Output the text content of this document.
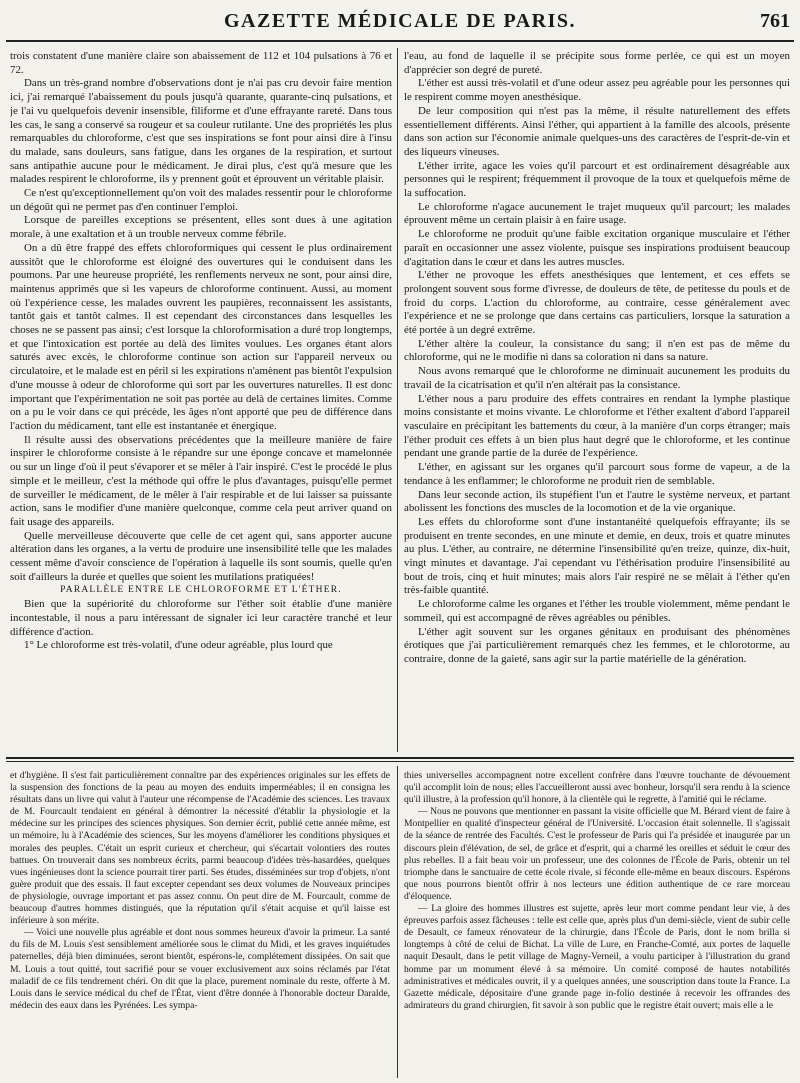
GAZETTE MÉDICALE DE PARIS.	761

trois constatent d'une manière claire son abaissement de 112 et 104 pulsations à 76 et 72.

Dans un très-grand nombre d'observations dont je n'ai pas cru devoir faire mention ici, j'ai remarqué l'abaissement du pouls jusqu'à quarante, quarante-cinq pulsations, et je l'ai vu quelquefois devenir insensible, filiforme et d'une effrayante rareté. Dans tous les cas, le sang a conservé sa rougeur et sa couleur rutilante. Une des propriétés les plus remarquables du chloroforme, c'est que ses inspirations se font pour ainsi dire à l'insu du malade, sans douleurs, sans fatigue, dans les organes de la respiration, et surtout sans antipathie aucune pour le médicament. Je dirai plus, c'est qu'à mesure que les malades respirent le chloroforme, ils y prennent goût et éprouvent un véritable plaisir.

Ce n'est qu'exceptionnellement qu'on voit des malades ressentir pour le chloroforme un dégoût qui ne permet pas d'en continuer l'emploi.

Lorsque de pareilles exceptions se présentent, elles sont dues à une agitation morale, à une exaltation et à un trouble nerveux comme fébrile.

On a dû être frappé des effets chloroformiques qui cessent le plus ordinairement aussitôt que le chloroforme est éloigné des ouvertures qui le conduisent dans les poumons. Par une heureuse propriété, les renflements nerveux ne sont, pour ainsi dire, maintenus apprimés que si les vapeurs de chloroforme continuent. Aussi, au moment où l'expérience cesse, les malades ouvrent les paupières, reconnaissent les assistants, tantôt gais et tantôt calmes. Il est cependant des circonstances dans lesquelles les choses ne se passent pas ainsi; c'est lorsque la chloroformisation a duré trop longtemps, et que l'intoxication est portée au delà des limites voulues. Les organes étant alors saturés avec excès, le chloroforme continue son action sur l'appareil nerveux ou circulatoire, et le malade est en péril si les expirations n'amènent pas bientôt l'expulsion d'une mousse à odeur de chloroforme qui sort par les ouvertures naturelles. Il est donc important que l'expérimentation ne soit pas portée au delà de certaines limites. Comme on a pu le voir dans ce qui précède, les âges n'ont apporté que peu de différence dans l'action du médicament, tant elle est instantanée et énergique.

Il résulte aussi des observations précédentes que la meilleure manière de faire inspirer le chloroforme consiste à le répandre sur une éponge concave et mamelonnée ou sur un linge d'où il peut s'évaporer et se mêler à l'air inspiré. C'est le procédé le plus simple et le meilleur, c'est la méthode qui offre le plus d'avantages, puisqu'elle permet de surveiller le médicament, de le mêler à l'air respirable et de lui laisser sa puissante action, sans le modifier d'une manière quelconque, comme cela peut arriver quand on fait usage des appareils.

Quelle merveilleuse découverte que celle de cet agent qui, sans apporter aucune altération dans les organes, a la vertu de produire une insensibilité telle que les malades cessent même d'avoir conscience de l'opération à laquelle ils sont soumis, quelle qu'en soit d'ailleurs la durée et quelles que soient les mutilations pratiquées!

PARALLÈLE ENTRE LE CHLOROFORME ET L'ÉTHER.

Bien que la supériorité du chloroforme sur l'éther soit établie d'une manière incontestable, il nous a paru intéressant de signaler ici leur caractère tranché et leur différence d'action.

1° Le chloroforme est très-volatil, d'une odeur agréable, plus lourd que

l'eau, au fond de laquelle il se précipite sous forme perlée, ce qui est un moyen d'apprécier son degré de pureté.

L'éther est aussi très-volatil et d'une odeur assez peu agréable pour les personnes qui le respirent comme moyen anesthésique.

De leur composition qui n'est pas la même, il résulte naturellement des effets essentiellement différents. Ainsi l'éther, qui appartient à la famille des alcools, présente dans son action sur l'économie animale quelques-uns des caractères de l'esprit-de-vin et des liqueurs vineuses.

L'éther irrite, agace les voies qu'il parcourt et est ordinairement désagréable aux personnes qui le respirent; fréquemment il provoque de la toux et quelquefois même de la suffocation.

Le chloroforme n'agace aucunement le trajet muqueux qu'il parcourt; les malades éprouvent même un certain plaisir à en faire usage.

Le chloroforme ne produit qu'une faible excitation organique musculaire et l'éther paraît en occasionner une assez violente, puisque ses inspirations produisent beaucoup d'agitation dans le cœur et dans les autres muscles.

L'éther ne provoque les effets anesthésiques que lentement, et ces effets se prolongent souvent sous forme d'ivresse, de douleurs de tête, de petitesse du pouls et de froid du corps. L'action du chloroforme, au contraire, cesse généralement avec l'expérience et ne se prolonge que dans certains cas particuliers, lorsque la saturation a été portée à un degré extrême.

L'éther altère la couleur, la consistance du sang; il n'en est pas de même du chloroforme, qui ne le modifie ni dans sa coloration ni dans sa nature.

Nous avons remarqué que le chloroforme ne diminuait aucunement les produits du travail de la cicatrisation et qu'il n'en altérait pas la consistance.

L'éther nous a paru produire des effets contraires en rendant la lymphe plastique moins consistante et moins vivante. Le chloroforme et l'éther exaltent d'abord l'appareil vasculaire en précipitant les battements du cœur, à la manière d'un corps étranger; mais l'éther produit ces effets à un bien plus haut degré que le chloroforme, et les continue pendant une grande partie de la durée de l'expérience.

L'éther, en agissant sur les organes qu'il parcourt sous forme de vapeur, a de la tendance à les enflammer; le chloroforme ne produit rien de semblable.

Dans leur seconde action, ils stupéfient l'un et l'autre le système nerveux, et partant abolissent les fonctions des muscles de la locomotion et de la vie organique.

Les effets du chloroforme sont d'une instantanéité quelquefois effrayante; ils se produisent en trente secondes, en une minute et demie, en deux, trois et quatre minutes au plus. L'éther, au contraire, ne détermine l'insensibilité qu'en treize, quinze, dix-huit, vingt minutes et davantage. J'ai cependant vu l'éthérisation produire l'insensibilité au bout de trois, cinq et huit minutes; mais alors l'air respiré ne se mêlait à l'éther qu'en très-faible quantité.

Le chloroforme calme les organes et l'éther les trouble violemment, même pendant le sommeil, qui est accompagné de rêves agréables ou pénibles.

L'éther agit souvent sur les organes génitaux en produisant des phénomènes érotiques que j'ai particulièrement remarqués chez les femmes, et le chlorotorme, au contraire, donne de la gaieté, sans agir sur la partie matérielle de la génération.

et d'hygiène. Il s'est fait particulièrement connaître par des expériences originales sur les effets de la suspension des fonctions de la peau au moyen des enduits imperméables; il en consigna les résultats dans un livre qui valut à l'auteur une récompense de l'Académie des sciences. Les travaux de M. Fourcault tendaient en général à démontrer la nécessité d'établir la physiologie et la médecine sur les principes des sciences physiques. Son dernier écrit, publié cette année même, est un mémoire, lu à l'Académie des sciences, Sur les moyens d'améliorer les conditions physiques et morales des peuples. C'était un esprit curieux et chercheur, qui s'écartait volontiers des routes battues. On trouverait dans ses nombreux écrits, parmi beaucoup d'idées très-hasardées, quelques vues ingénieuses dont la science pourrait tirer parti. Ses études, disséminées sur trop d'objets, n'ont guère produit que des essais. Il faut excepter cependant ses deux volumes de Nouveaux principes de physiologie, ouvrage important et pas assez connu. On peut dire de M. Fourcault, comme de beaucoup d'autres hommes distingués, que la réputation qu'il s'était acquise et qu'il laisse est inférieure à son mérite.

— Voici une nouvelle plus agréable et dont nous sommes heureux d'avoir la primeur. La santé du fils de M. Louis s'est sensiblement améliorée sous le climat du Midi, et les graves inquiétudes paternelles, déjà bien diminuées, seront bientôt, espérons-le, complétement dissipées. On sait que M. Louis a tout quitté, tout sacrifié pour se vouer exclusivement aux soins réclamés par l'état maladif de ce fils tendrement chéri. On dit que la place, purement nominale du reste, offerte à M. Louis dans le service médical du chef de l'État, vient d'être donnée à l'honorable docteur Daralde, médecin des eaux dans les Pyrénées. Les sympa-

thies universelles accompagnent notre excellent confrère dans l'œuvre touchante de dévouement qu'il accomplit loin de nous; elles l'accueilleront aussi avec bonheur, lorsqu'il sera rendu à la science qu'il illustre, à la profession qu'il honore, à la clientèle qui le regrette, à l'amitié qui le réclame.

— Nous ne pouvons que mentionner en passant la visite officielle que M. Bérard vient de faire à Montpellier en qualité d'inspecteur général de l'Université. L'occasion était solennelle. Il s'agissait de la séance de rentrée des Facultés. C'est le professeur de Paris qui l'a présidée et inaugurée par un discours plein d'élévation, de sel, de grâce et d'esprit, qui a charmé les oreilles et séduit le cœur des plus rebelles. Il a fait beau voir un professeur, une des colonnes de l'École de Paris, obtenir un tel triomphe dans le sanctuaire de cette école rivale, si féconde elle-même en beaux discours. Espérons que nous pourrons bientôt offrir à nos lecteurs une édition authentique de ce rare morceau d'éloquence.

— La gloire des hommes illustres est sujette, après leur mort comme pendant leur vie, à des épreuves parfois assez fâcheuses : telle est celle que, après plus d'un demi-siècle, vient de subir celle de Desault, ce fameux rénovateur de la chirurgie, dans l'École de Paris, dont le nom brilla si longtemps à côté de celui de Bichat. La ville de Lure, en Franche-Comté, aux portes de laquelle naquit Desault, dans le petit village de Magny-Verneil, a voulu participer à l'illustration du grand homme par un monument élevé à sa mémoire. Un comité composé de hautes notabilités administratives et médicales ouvrit, il y a quelques années, une souscription dans toute la France. La Gazette médicale, dépositaire d'une grande page in-folio destinée à recevoir les offrandes des admirateurs du grand chirurgien, fit savoir à son public que le registre était ouvert; mais elle a le
